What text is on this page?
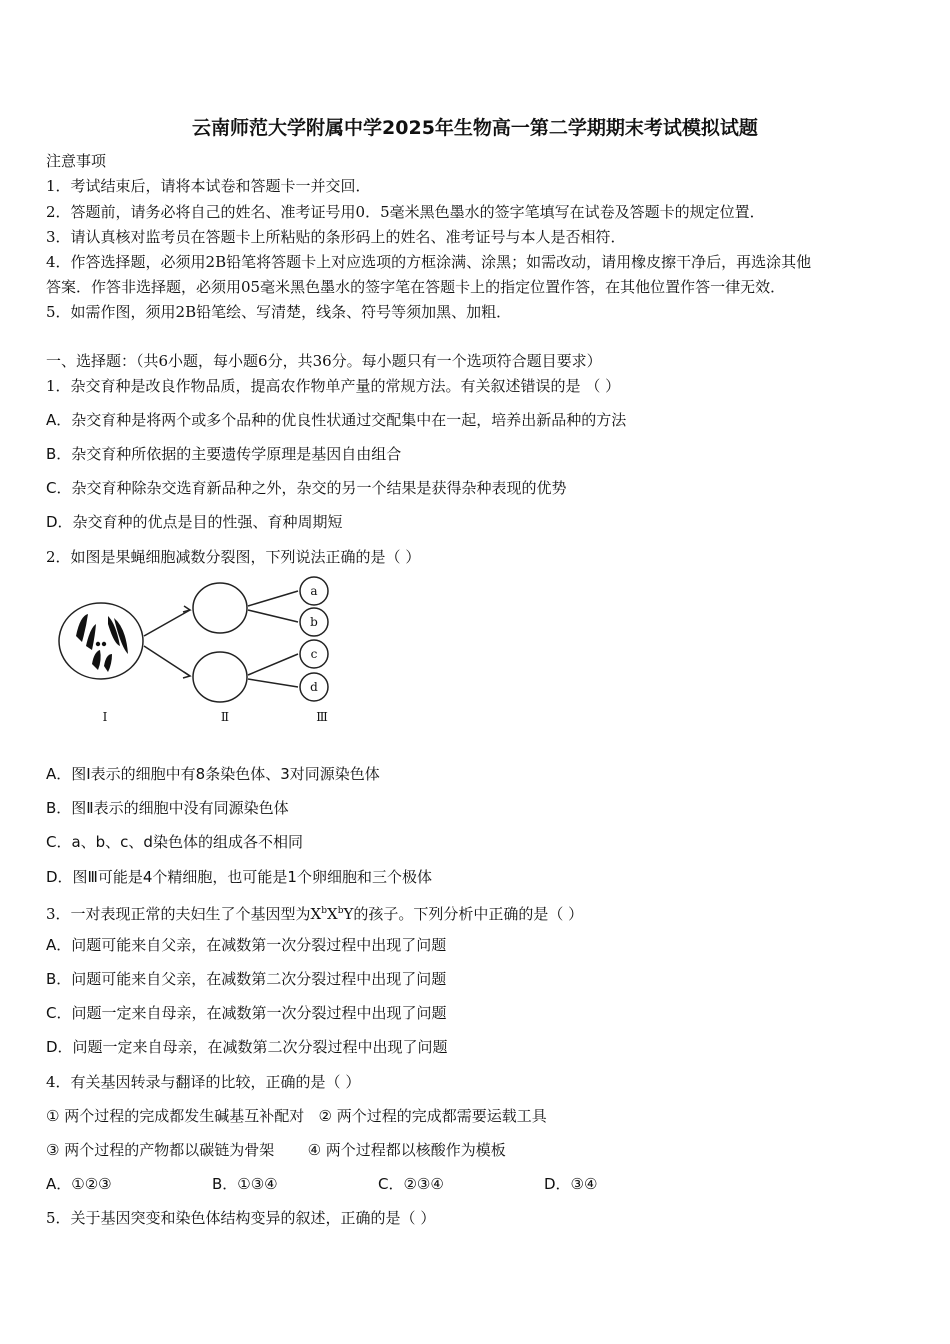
云南师范大学附属中学2025年生物高一第二学期期末考试模拟试题
注意事项
1．考试结束后，请将本试卷和答题卡一并交回．
2．答题前，请务必将自己的姓名、准考证号用0．5毫米黑色墨水的签字笔填写在试卷及答题卡的规定位置．
3．请认真核对监考员在答题卡上所粘贴的条形码上的姓名、准考证号与本人是否相符．
4．作答选择题，必须用2B铅笔将答题卡上对应选项的方框涂满、涂黑；如需改动，请用橡皮擦干净后，再选涂其他
答案．作答非选择题，必须用05毫米黑色墨水的签字笔在答题卡上的指定位置作答，在其他位置作答一律无效．
5．如需作图，须用2B铅笔绘、写清楚，线条、符号等须加黑、加粗．
一、选择题：（共6小题，每小题6分，共36分。每小题只有一个选项符合题目要求）
1．杂交育种是改良作物品质，提高农作物单产量的常规方法。有关叙述错误的是 （ ）
A．杂交育种是将两个或多个品种的优良性状通过交配集中在一起，培养出新品种的方法
B．杂交育种所依据的主要遗传学原理是基因自由组合
C．杂交育种除杂交选育新品种之外，杂交的另一个结果是获得杂种表现的优势
D．杂交育种的优点是目的性强、育种周期短
2．如图是果蝇细胞减数分裂图，下列说法正确的是（ ）
a
b
c
d
Ⅰ	Ⅱ	Ⅲ
A．图Ⅰ表示的细胞中有8条染色体、3对同源染色体
B．图Ⅱ表示的细胞中没有同源染色体
C．a、b、c、d染色体的组成各不相同
D．图Ⅲ可能是4个精细胞，也可能是1个卵细胞和三个极体
3．一对表现正常的夫妇生了个基因型为$X^bX^bY$的孩子。下列分析中正确的是（ ）
A．问题可能来自父亲，在减数第一次分裂过程中出现了问题
B．问题可能来自父亲，在减数第二次分裂过程中出现了问题
C．问题一定来自母亲，在减数第一次分裂过程中出现了问题
D．问题一定来自母亲，在减数第二次分裂过程中出现了问题
4．有关基因转录与翻译的比较，正确的是（ ）
① 两个过程的完成都发生碱基互补配对   ② 两个过程的完成都需要运载工具
③ 两个过程的产物都以碳链为骨架       ④ 两个过程都以核酸作为模板
A．①②③	B．①③④	C．②③④	D．③④
5．关于基因突变和染色体结构变异的叙述，正确的是（ ）
